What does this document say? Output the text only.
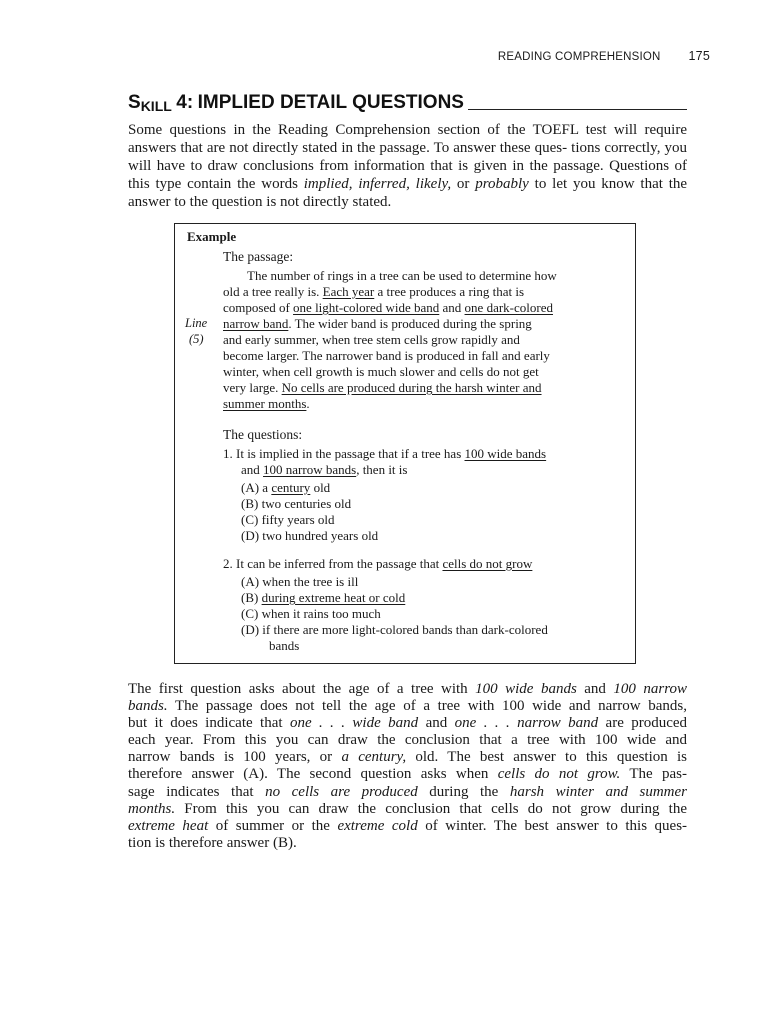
READING COMPREHENSION 175
S KILL
4:
IMPLIED DETAIL QUESTIONS

Some questions in the Reading Comprehension section of the TOEFL test will require answers that are not directly stated in the passage. To answer these ques- tions correctly, you will have to draw conclusions from information that is given in the passage. Questions of this type contain the words implied, inferred, likely, or probably to let you know that the answer to the question is not directly stated.

Example
The passage:

The number of rings in a tree can be used to determine how
old a tree really is. Each year a tree produces a ring that is
composed of one light-colored wide band and one dark-colored
narrow band. The wider band is produced during the spring
and early summer, when tree stem cells grow rapidly and
become larger. The narrower band is produced in fall and early
winter, when cell growth is much slower and cells do not get
very large. No cells are produced during the harsh winter and
summer months.

Line
(5)
The questions:
1. It is implied in the passage that if a tree has 100 wide bands
and 100 narrow bands, then it is
(A) a century old
(B) two centuries old
(C) fifty years old
(D) two hundred years old
2. It can be inferred from the passage that cells do not grow
(A) when the tree is ill
(B) during extreme heat or cold
(C) when it rains too much
(D) if there are more light-colored bands than dark-colored
bands

The first question asks about the age of a tree with 100 wide bands and 100 narrow
bands. The passage does not tell the age of a tree with 100 wide and narrow bands,
but it does indicate that one . . . wide band and one . . . narrow band are produced
each year. From this you can draw the conclusion that a tree with 100 wide and
narrow bands is 100 years, or a century, old. The best answer to this question is
therefore answer (A). The second question asks when cells do not grow. The pas-
sage indicates that no cells are produced during the harsh winter and summer
months. From this you can draw the conclusion that cells do not grow during the
extreme heat of summer or the extreme cold of winter. The best answer to this ques-
tion is therefore answer (B).
